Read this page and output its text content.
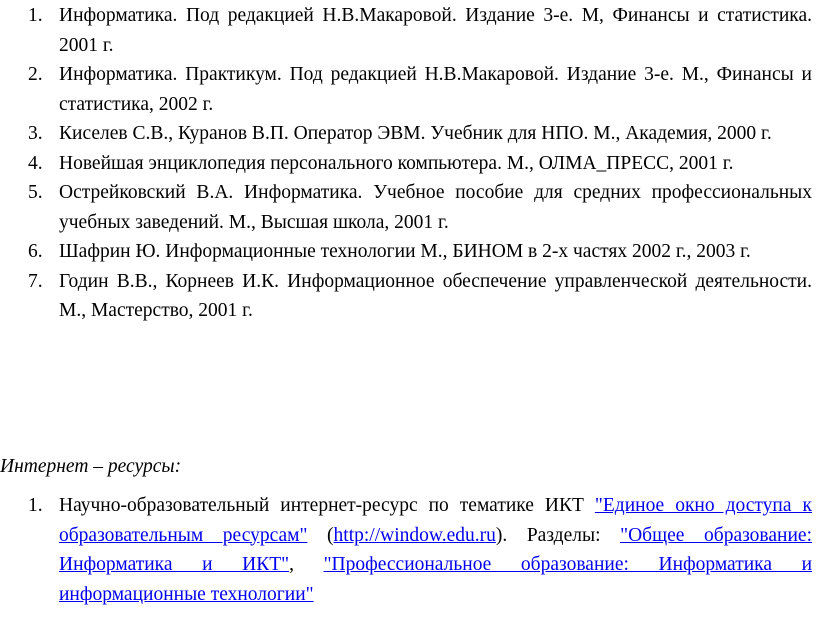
1. Информатика. Под редакцией Н.В.Макаровой. Издание 3-е. М, Финансы и статистика. 2001 г.
2. Информатика. Практикум. Под редакцией Н.В.Макаровой. Издание 3-е. М., Финансы и статистика, 2002 г.
3. Киселев С.В., Куранов В.П. Оператор ЭВМ. Учебник для НПО. М., Академия, 2000 г.
4. Новейшая энциклопедия персонального компьютера. М., ОЛМА_ПРЕСС, 2001 г.
5. Острейковский В.А. Информатика. Учебное пособие для средних профессиональных учебных заведений. М., Высшая школа, 2001 г.
6. Шафрин Ю. Информационные технологии М., БИНОМ в 2-х частях 2002 г., 2003 г.
7. Годин В.В., Корнеев И.К. Информационное обеспечение управленческой деятельности. М., Мастерство, 2001 г.

Интернет – ресурсы:

1. Научно-образовательный интернет-ресурс по тематике ИКТ "Единое окно доступа к образовательным ресурсам" (http://window.edu.ru). Разделы: "Общее образование: Информатика и ИКТ", "Профессиональное образование: Информатика и информационные технологии"
